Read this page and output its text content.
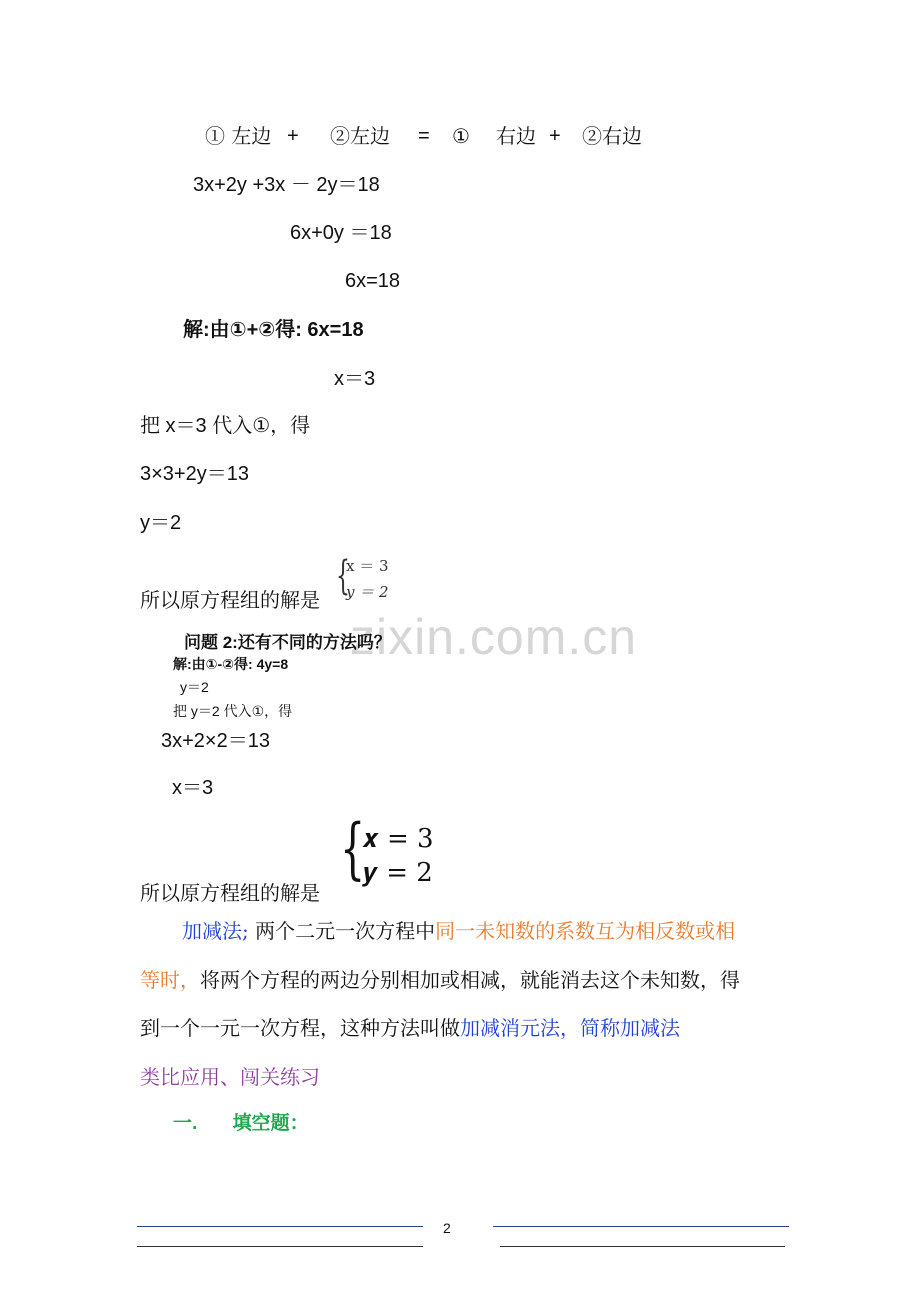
① 左边 + ②左边 = ① 右边 + ②右边
3x+2y +3x － 2y＝18
6x+0y ＝18
6x=18
解:由①+②得: 6x=18
x＝3
把 x＝3 代入①，得
3×3+2y＝13
y＝2
所以原方程组的解是
{
x ＝ 3
y ＝ 2
zixin.com.cn
问题 2:还有不同的方法吗？
解:由①-②得: 4y=8
y＝2
把 y＝2 代入①，得
3x+2×2＝13
x＝3
所以原方程组的解是
{
𝒙 = 3
𝒚 = 2
加减法; 两个二元一次方程中同一未知数的系数互为相反数或相
等时，将两个方程的两边分别相加或相减，就能消去这个未知数，得
到一个一元一次方程，这种方法叫做加减消元法，简称加减法
类比应用、闯关练习
一. 填空题：
2
